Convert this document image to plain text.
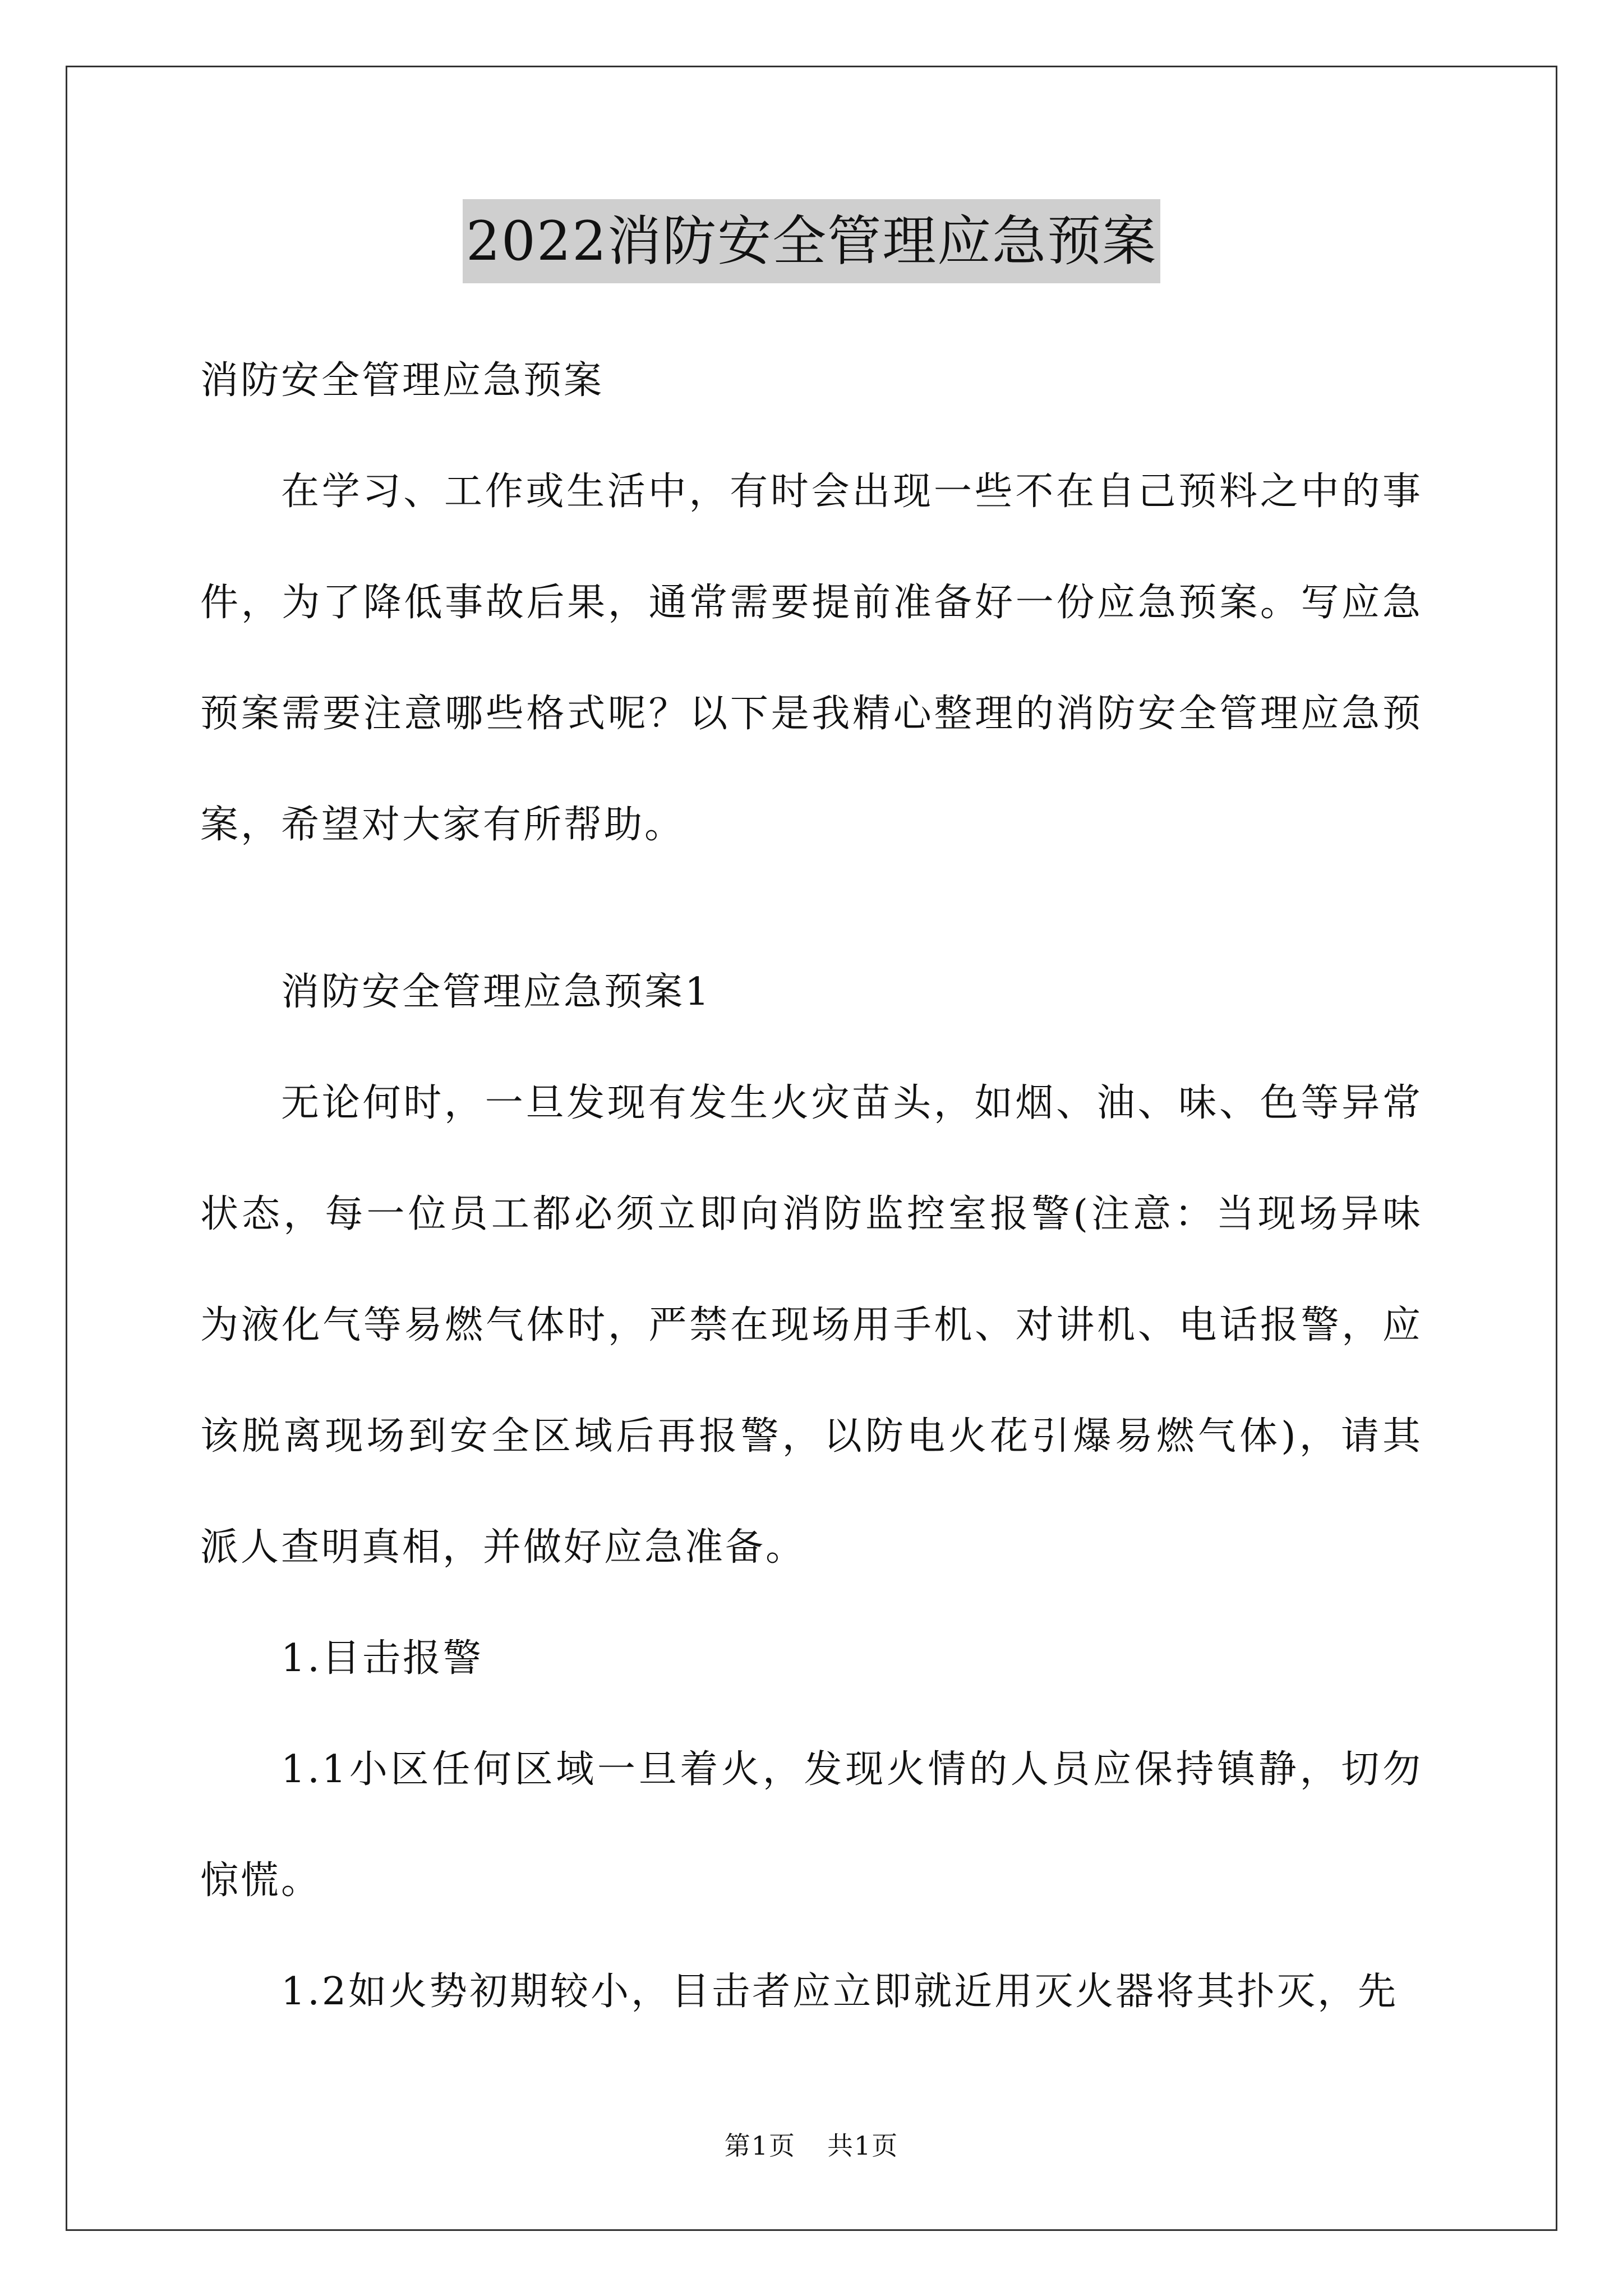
2022消防安全管理应急预案

消防安全管理应急预案

在学习、工作或生活中，有时会出现一些不在自己预料之中的事件，为了降低事故后果，通常需要提前准备好一份应急预案。写应急预案需要注意哪些格式呢？以下是我精心整理的消防安全管理应急预案，希望对大家有所帮助。

消防安全管理应急预案1

无论何时，一旦发现有发生火灾苗头，如烟、油、味、色等异常状态，每一位员工都必须立即向消防监控室报警(注意：当现场异味为液化气等易燃气体时，严禁在现场用手机、对讲机、电话报警，应该脱离现场到安全区域后再报警，以防电火花引爆易燃气体)，请其派人查明真相，并做好应急准备。

1.目击报警

1.1小区任何区域一旦着火，发现火情的人员应保持镇静，切勿惊慌。

1.2如火势初期较小，目击者应立即就近用灭火器将其扑灭，先

第1页 共1页
